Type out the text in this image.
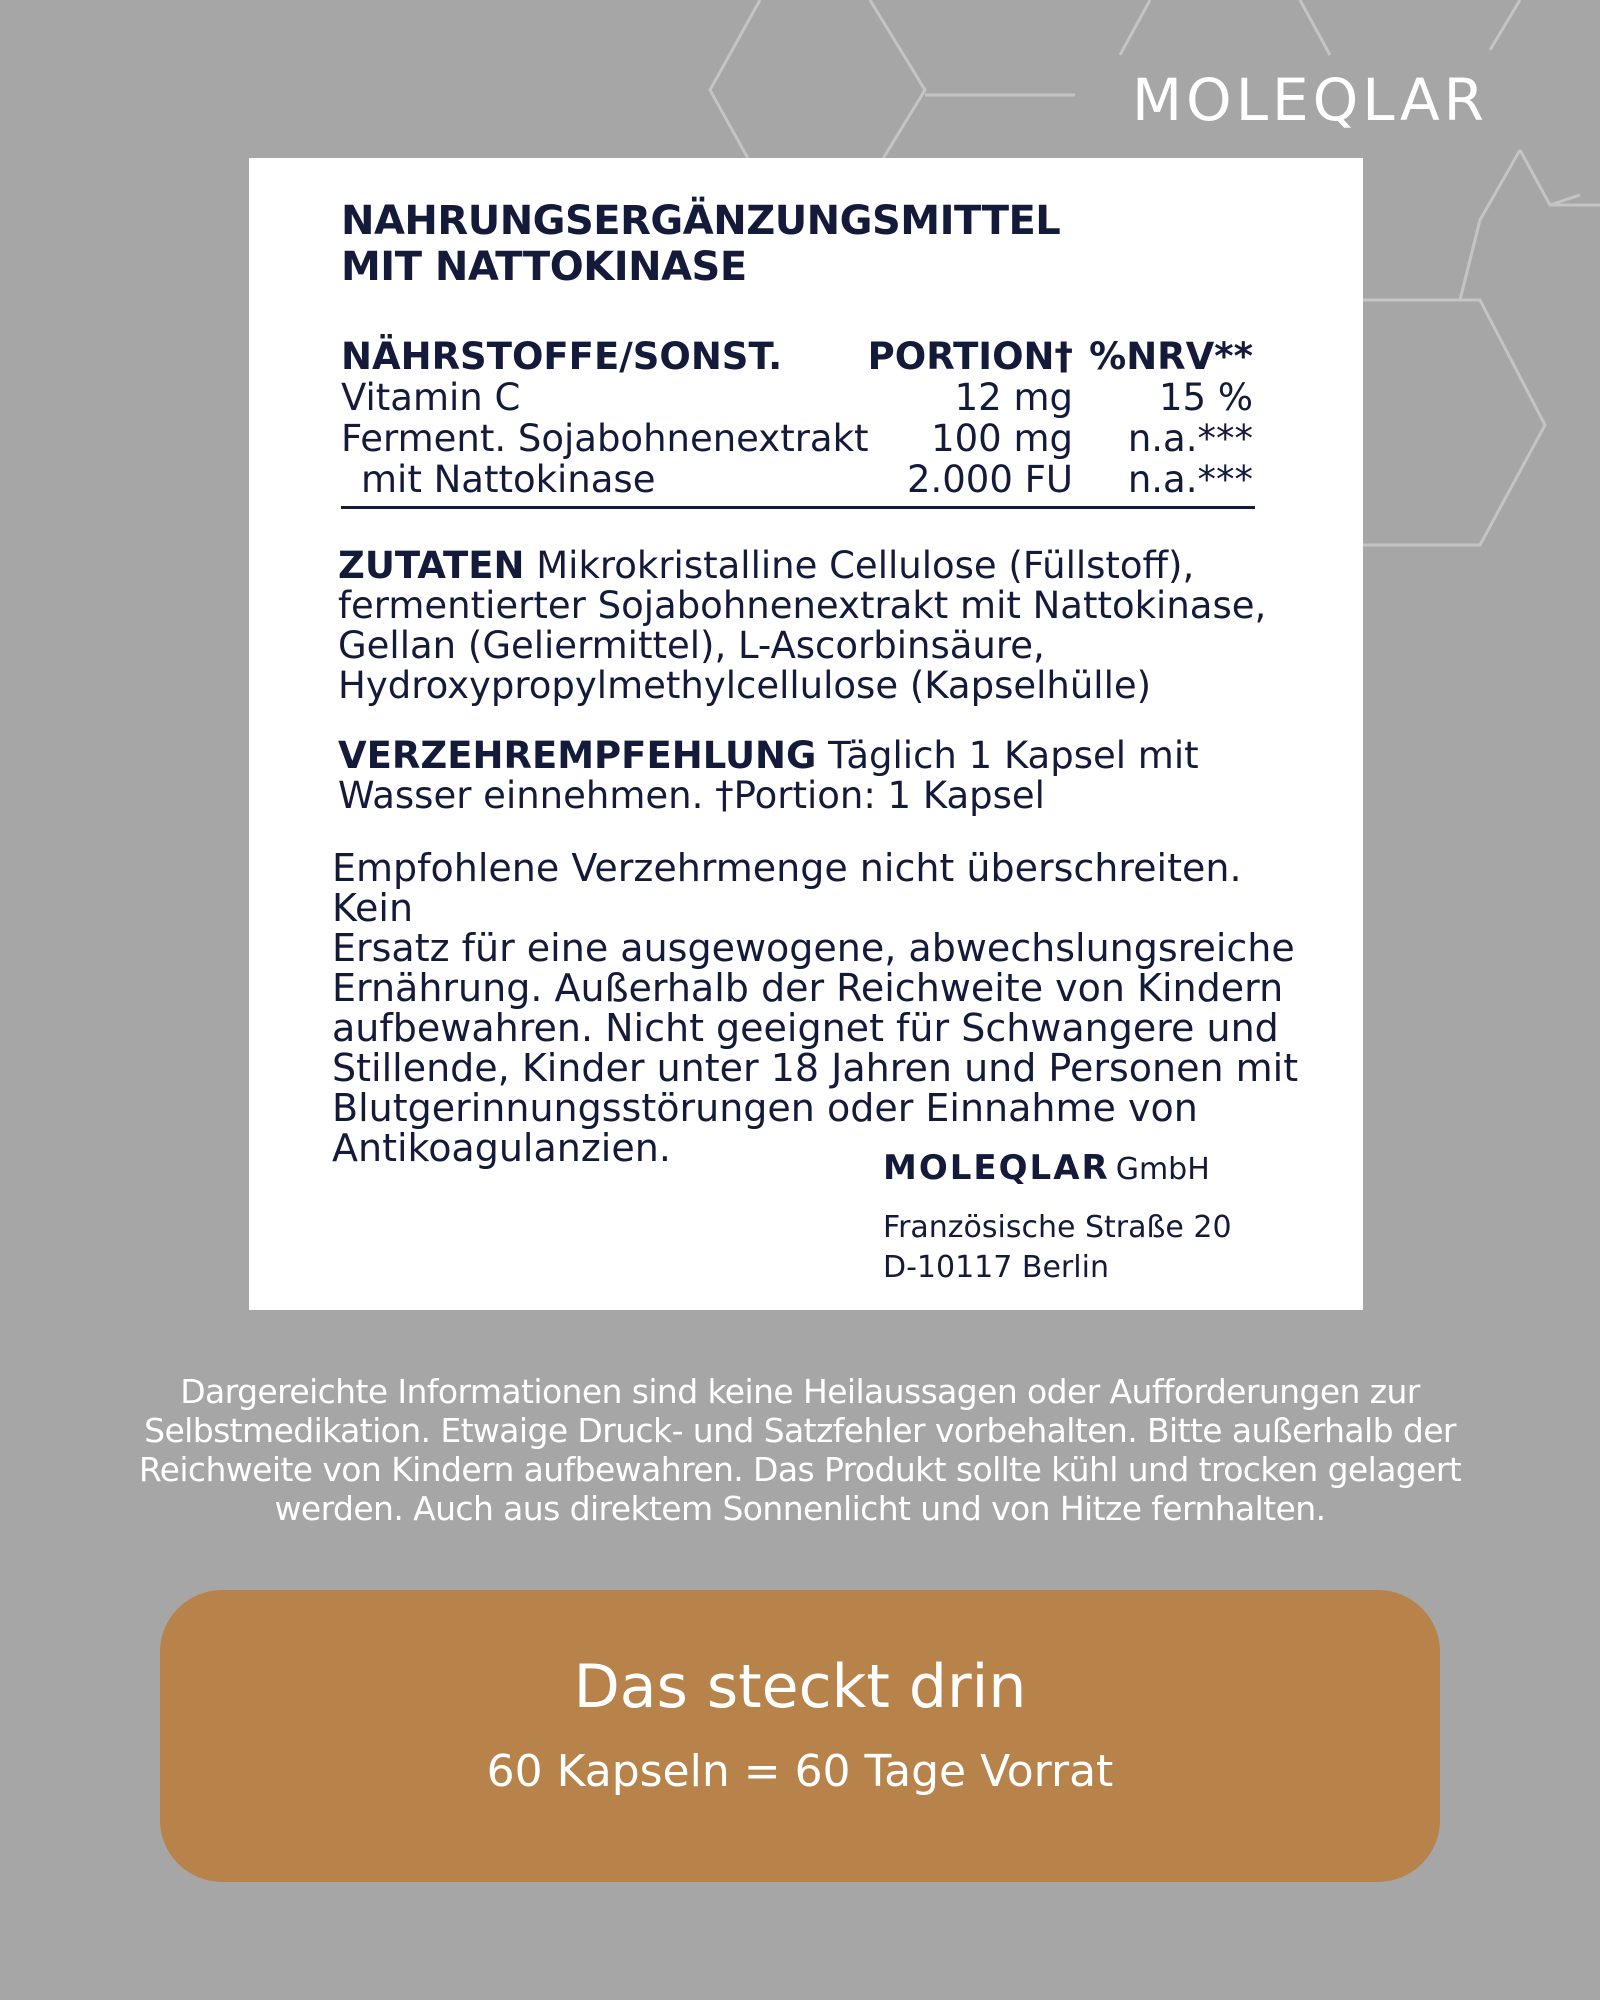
MOLEQLAR
NAHRUNGSERGÄNZUNGSMITTEL
MIT NATTOKINASE
NÄHRSTOFFE/SONST. PORTION† %NRV**
Vitamin C	12 mg 15 %
Ferment. Sojabohnenextrakt 100 mg n.a.***
mit Nattokinase	2.000 FU n.a.***
ZUTATEN Mikrokristalline Cellulose (Füllstoff),
fermentierter Sojabohnenextrakt mit Nattokinase,
Gellan (Geliermittel), L-Ascorbinsäure,
Hydroxypropylmethylcellulose (Kapselhülle)
VERZEHREMPFEHLUNG Täglich 1 Kapsel mit
Wasser einnehmen. †Portion: 1 Kapsel
Empfohlene Verzehrmenge nicht überschreiten. Kein
Ersatz für eine ausgewogene, abwechslungsreiche
Ernährung. Außerhalb der Reichweite von Kindern
aufbewahren. Nicht geeignet für Schwangere und
Stillende, Kinder unter 18 Jahren und Personen mit
Blutgerinnungsstörungen oder Einnahme von
Antikoagulanzien.	MOLEQLAR GmbH
Französische Straße 20
D-10117 Berlin
Dargereichte Informationen sind keine Heilaussagen oder Aufforderungen zur
Selbstmedikation. Etwaige Druck- und Satzfehler vorbehalten. Bitte außerhalb der
Reichweite von Kindern aufbewahren. Das Produkt sollte kühl und trocken gelagert
werden. Auch aus direktem Sonnenlicht und von Hitze fernhalten.
Das steckt drin
60 Kapseln = 60 Tage Vorrat
